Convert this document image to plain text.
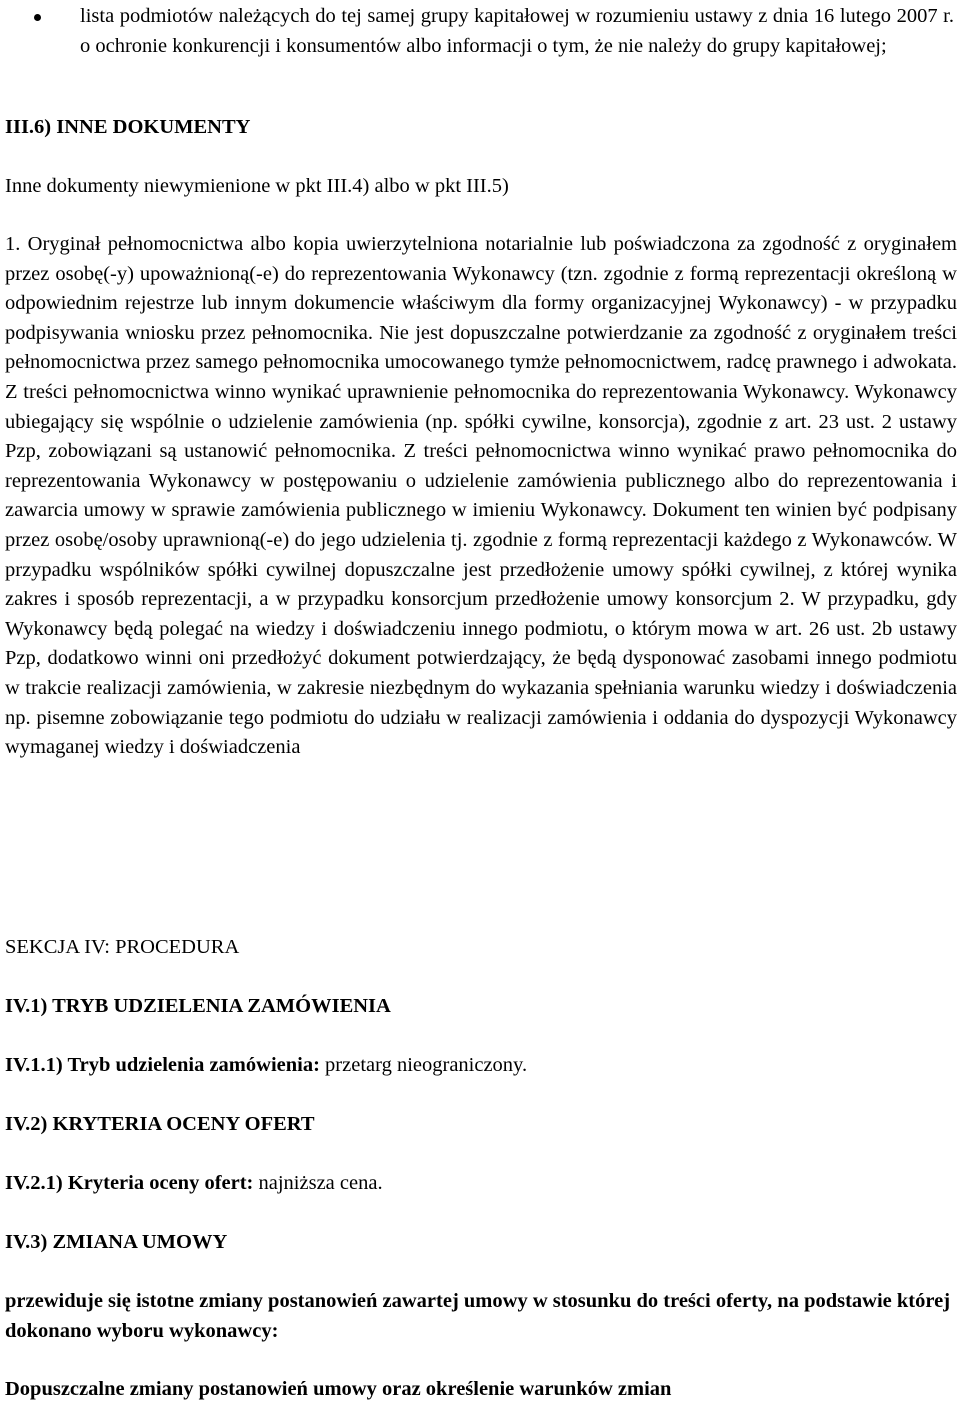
lista podmiotów należących do tej samej grupy kapitałowej w rozumieniu ustawy z dnia 16 lutego 2007 r. o ochronie konkurencji i konsumentów albo informacji o tym, że nie należy do grupy kapitałowej;

III.6) INNE DOKUMENTY

Inne dokumenty niewymienione w pkt III.4) albo w pkt III.5)

1. Oryginał pełnomocnictwa albo kopia uwierzytelniona notarialnie lub poświadczona za zgodność z oryginałem przez osobę(-y) upoważnioną(-e) do reprezentowania Wykonawcy (tzn. zgodnie z formą reprezentacji określoną w odpowiednim rejestrze lub innym dokumencie właściwym dla formy organizacyjnej Wykonawcy) - w przypadku podpisywania wniosku przez pełnomocnika. Nie jest dopuszczalne potwierdzanie za zgodność z oryginałem treści pełnomocnictwa przez samego pełnomocnika umocowanego tymże pełnomocnictwem, radcę prawnego i adwokata. Z treści pełnomocnictwa winno wynikać uprawnienie pełnomocnika do reprezentowania Wykonawcy. Wykonawcy ubiegający się wspólnie o udzielenie zamówienia (np. spółki cywilne, konsorcja), zgodnie z art. 23 ust. 2 ustawy Pzp, zobowiązani są ustanowić pełnomocnika. Z treści pełnomocnictwa winno wynikać prawo pełnomocnika do reprezentowania Wykonawcy w postępowaniu o udzielenie zamówienia publicznego albo do reprezentowania i zawarcia umowy w sprawie zamówienia publicznego w imieniu Wykonawcy. Dokument ten winien być podpisany przez osobę/osoby uprawnioną(-e) do jego udzielenia tj. zgodnie z formą reprezentacji każdego z Wykonawców. W przypadku wspólników spółki cywilnej dopuszczalne jest przedłożenie umowy spółki cywilnej, z której wynika zakres i sposób reprezentacji, a w przypadku konsorcjum przedłożenie umowy konsorcjum 2. W przypadku, gdy Wykonawcy będą polegać na wiedzy i doświadczeniu innego podmiotu, o którym mowa w art. 26 ust. 2b ustawy Pzp, dodatkowo winni oni przedłożyć dokument potwierdzający, że będą dysponować zasobami innego podmiotu w trakcie realizacji zamówienia, w zakresie niezbędnym do wykazania spełniania warunku wiedzy i doświadczenia np. pisemne zobowiązanie tego podmiotu do udziału w realizacji zamówienia i oddania do dyspozycji Wykonawcy wymaganej wiedzy i doświadczenia

SEKCJA IV: PROCEDURA

IV.1) TRYB UDZIELENIA ZAMÓWIENIA

IV.1.1) Tryb udzielenia zamówienia: przetarg nieograniczony.

IV.2) KRYTERIA OCENY OFERT

IV.2.1) Kryteria oceny ofert: najniższa cena.

IV.3) ZMIANA UMOWY

przewiduje się istotne zmiany postanowień zawartej umowy w stosunku do treści oferty, na podstawie której dokonano wyboru wykonawcy:

Dopuszczalne zmiany postanowień umowy oraz określenie warunków zmian
